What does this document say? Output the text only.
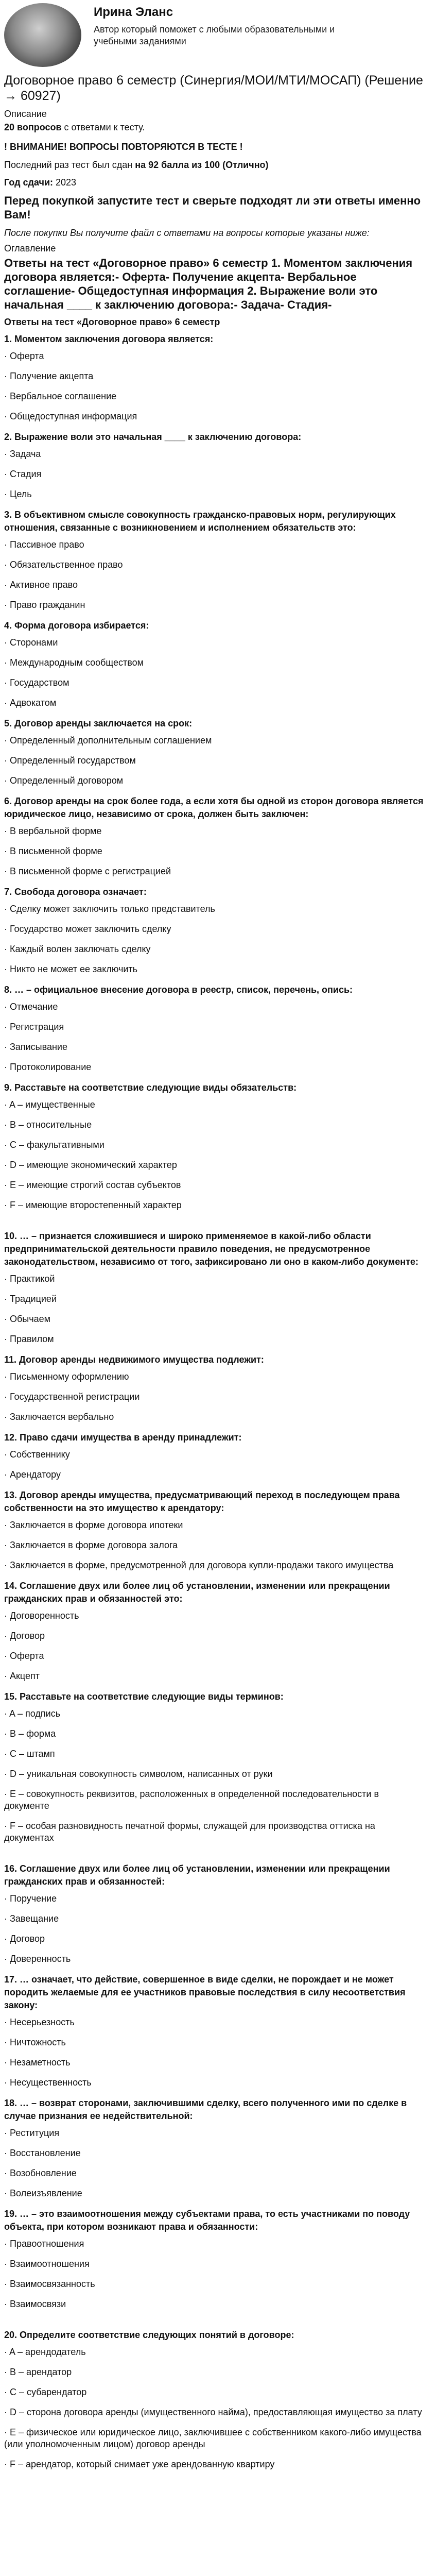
Ирина Эланс
Автор который поможет с любыми образовательными и учебными заданиями
Договорное право 6 семестр (Синергия/МОИ/МТИ/МОСАП) (Решение → 60927)
Описание
20 вопросов с ответами к тесту.
! ВНИМАНИЕ! ВОПРОСЫ ПОВТОРЯЮТСЯ В ТЕСТЕ !
Последний раз тест был сдан на 92 балла из 100 (Отлично)
Год сдачи: 2023
Перед покупкой запустите тест и сверьте подходят ли эти ответы именно Вам!
После покупки Вы получите файл с ответами на вопросы которые указаны ниже:
Оглавление
Ответы на тест «Договорное право» 6 семестр 1. Моментом заключения договора является:- Оферта- Получение акцепта- Вербальное соглашение- Общедоступная информация 2. Выражение воли это начальная ____ к заключению договора:- Задача- Стадия-
Ответы на тест «Договорное право» 6 семестр
1. Моментом заключения договора является:
· Оферта
· Получение акцепта
· Вербальное соглашение
· Общедоступная информация
2. Выражение воли это начальная ____ к заключению договора:
· Задача
· Стадия
· Цель
3. В объективном смысле совокупность гражданско-правовых норм, регулирующих отношения, связанные с возникновением и исполнением обязательств это:
· Пассивное право
· Обязательственное право
· Активное право
· Право гражданин
4. Форма договора избирается:
· Сторонами
· Международным сообществом
· Государством
· Адвокатом
5. Договор аренды заключается на срок:
· Определенный дополнительным соглашением
· Определенный государством
· Определенный договором
6. Договор аренды на срок более года, а если хотя бы одной из сторон договора является юридическое лицо, независимо от срока, должен быть заключен:
· В вербальной форме
· В письменной форме
· В письменной форме с регистрацией
7. Свобода договора означает:
· Сделку может заключить только представитель
· Государство может заключить сделку
· Каждый волен заключать сделку
· Никто не может ее заключить
8. … – официальное внесение договора в реестр, список, перечень, опись:
· Отмечание
· Регистрация
· Записывание
· Протоколирование
9. Расставьте на соответствие следующие виды обязательств:
· A – имущественные
· B – относительные
· C – факультативными
· D – имеющие экономический характер
· E – имеющие строгий состав субъектов
· F – имеющие второстепенный характер
10. … – признается сложившиеся и широко применяемое в какой-либо области предпринимательской деятельности правило поведения, не предусмотренное законодательством, независимо от того, зафиксировано ли оно в каком-либо документе:
· Практикой
· Традицией
· Обычаем
· Правилом
11. Договор аренды недвижимого имущества подлежит:
· Письменному оформлению
· Государственной регистрации
· Заключается вербально
12. Право сдачи имущества в аренду принадлежит:
· Собственнику
· Арендатору
13. Договор аренды имущества, предусматривающий переход в последующем права собственности на это имущество к арендатору:
· Заключается в форме договора ипотеки
· Заключается в форме договора залога
· Заключается в форме, предусмотренной для договора купли-продажи такого имущества
14. Соглашение двух или более лиц об установлении, изменении или прекращении гражданских прав и обязанностей это:
· Договоренность
· Договор
· Оферта
· Акцепт
15. Расставьте на соответствие следующие виды терминов:
· A – подпись
· B – форма
· C – штамп
· D – уникальная совокупность символом, написанных от руки
· E – совокупность реквизитов, расположенных в определенной последовательности в документе
· F – особая разновидность печатной формы, служащей для производства оттиска на документах
16. Соглашение двух или более лиц об установлении, изменении или прекращении гражданских прав и обязанностей:
· Поручение
· Завещание
· Договор
· Доверенность
17. … означает, что действие, совершенное в виде сделки, не порождает и не может породить желаемые для ее участников правовые последствия в силу несоответствия закону:
· Несерьезность
· Ничтожность
· Незаметность
· Несущественность
18. … – возврат сторонами, заключившими сделку, всего полученного ими по сделке в случае признания ее недействительной:
· Реституция
· Восстановление
· Возобновление
· Волеизъявление
19. … – это взаимоотношения между субъектами права, то есть участниками по поводу объекта, при котором возникают права и обязанности:
· Правоотношения
· Взаимоотношения
· Взаимосвязанность
· Взаимосвязи
20. Определите соответствие следующих понятий в договоре:
· A – арендодатель
· B – арендатор
· C – субарендатор
· D – сторона договора аренды (имущественного найма), предоставляющая имущество за плату
· E – физическое или юридическое лицо, заключившее с собственником какого-либо имущества (или уполномоченным лицом) договор аренды
· F – арендатор, который снимает уже арендованную квартиру
